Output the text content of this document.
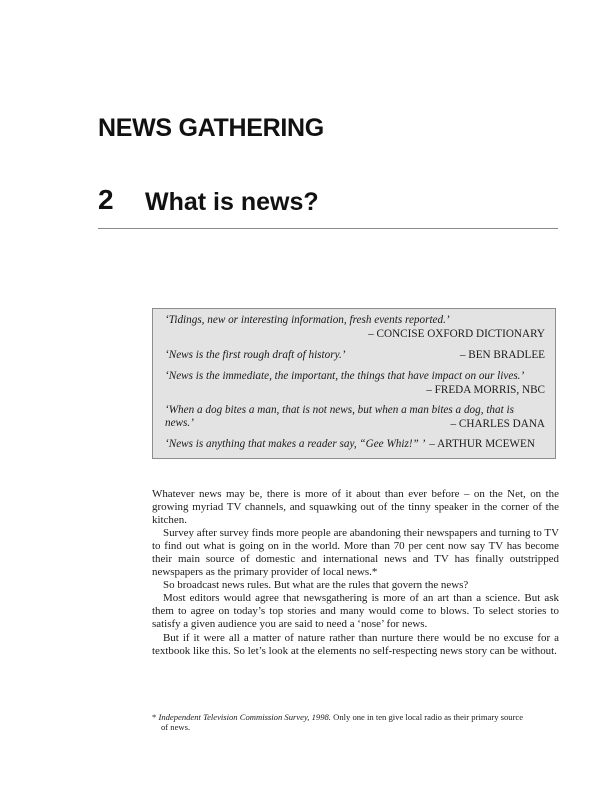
NEWS GATHERING
2 What is news?
‘Tidings, new or interesting information, fresh events reported.’
– CONCISE OXFORD DICTIONARY
‘News is the first rough draft of history.’	– BEN BRADLEE
‘News is the immediate, the important, the things that have impact on our lives.’
– FREDA MORRIS, NBC
‘When a dog bites a man, that is not news, but when a man bites a dog, that is news.’	– CHARLES DANA
‘News is anything that makes a reader say, “Gee Whiz!” ’ – ARTHUR MCEWEN

Whatever news may be, there is more of it about than ever before – on the Net, on the growing myriad TV channels, and squawking out of the tinny speaker in the corner of the kitchen.

Survey after survey finds more people are abandoning their newspapers and turning to TV to find out what is going on in the world. More than 70 per cent now say TV has become their main source of domestic and international news and TV has finally outstripped newspapers as the primary provider of local news.*

So broadcast news rules. But what are the rules that govern the news?

Most editors would agree that newsgathering is more of an art than a science. But ask them to agree on today’s top stories and many would come to blows. To select stories to satisfy a given audience you are said to need a ‘nose’ for news.

But if it were all a matter of nature rather than nurture there would be no excuse for a textbook like this. So let’s look at the elements no self-respecting news story can be without.

* Independent Television Commission Survey, 1998. Only one in ten give local radio as their primary source
of news.
